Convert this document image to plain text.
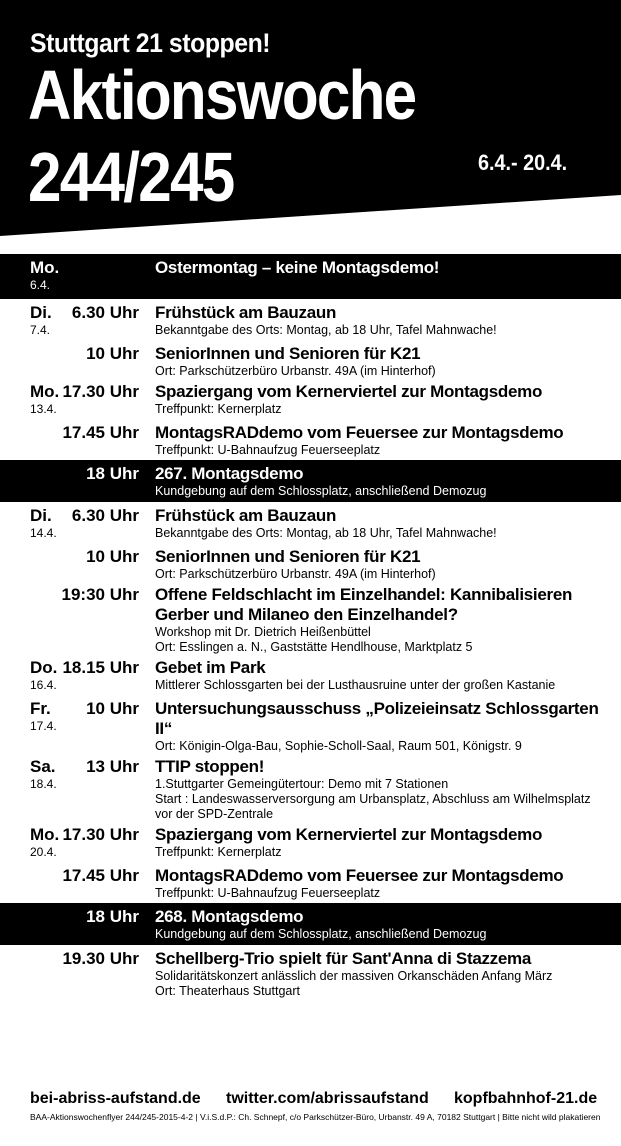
Stuttgart 21 stoppen!
Aktionswoche
244/245	6.4.- 20.4.
Mo.
6.4.
Ostermontag – keine Montagsdemo!
Di.
7.4.
6.30 Uhr Frühstück am Bauzaun
Bekanntgabe des Orts: Montag, ab 18 Uhr, Tafel Mahnwache!
10 Uhr SeniorInnen und Senioren für K21
Ort: Parkschützerbüro Urbanstr. 49A (im Hinterhof)
Mo.
13.4.
17.30 Uhr Spaziergang vom Kernerviertel zur Montagsdemo
Treffpunkt: Kernerplatz
17.45 Uhr MontagsRADdemo vom Feuersee zur Montagsdemo
Treffpunkt: U-Bahnaufzug Feuerseeplatz
18 Uhr 267. Montagsdemo
Kundgebung auf dem Schlossplatz, anschließend Demozug
Di.
14.4.
6.30 Uhr Frühstück am Bauzaun
Bekanntgabe des Orts: Montag, ab 18 Uhr, Tafel Mahnwache!
10 Uhr SeniorInnen und Senioren für K21
Ort: Parkschützerbüro Urbanstr. 49A (im Hinterhof)
19:30 Uhr Offene Feldschlacht im Einzelhandel: Kannibalisieren Gerber und Milaneo den Einzelhandel?
Workshop mit Dr. Dietrich Heißenbüttel
Ort: Esslingen a. N., Gaststätte Hendlhouse, Marktplatz 5
Do.
16.4.
18.15 Uhr Gebet im Park
Mittlerer Schlossgarten bei der Lusthausruine unter der großen Kastanie
Fr.
17.4.
10 Uhr Untersuchungsausschuss „Polizeieinsatz Schlossgarten II“
Ort: Königin-Olga-Bau, Sophie-Scholl-Saal, Raum 501, Königstr. 9
Sa.
18.4.
13 Uhr TTIP stoppen!
1.Stuttgarter Gemeingütertour: Demo mit 7 Stationen
Start : Landeswasserversorgung am Urbansplatz, Abschluss am Wilhelmsplatz vor der SPD-Zentrale
Mo.
20.4.
17.30 Uhr Spaziergang vom Kernerviertel zur Montagsdemo
Treffpunkt: Kernerplatz
17.45 Uhr MontagsRADdemo vom Feuersee zur Montagsdemo
Treffpunkt: U-Bahnaufzug Feuerseeplatz
18 Uhr 268. Montagsdemo
Kundgebung auf dem Schlossplatz, anschließend Demozug
19.30 Uhr Schellberg-Trio spielt für Sant'Anna di Stazzema
Solidaritätskonzert anlässlich der massiven Orkanschäden Anfang März
Ort: Theaterhaus Stuttgart
bei-abriss-aufstand.de twitter.com/abrissaufstand kopfbahnhof-21.de
BAA-Aktionswochenflyer 244/245-2015-4-2 | V.i.S.d.P.: Ch. Schnepf, c/o Parkschützer-Büro, Urbanstr. 49 A, 70182 Stuttgart | Bitte nicht wild plakatieren
